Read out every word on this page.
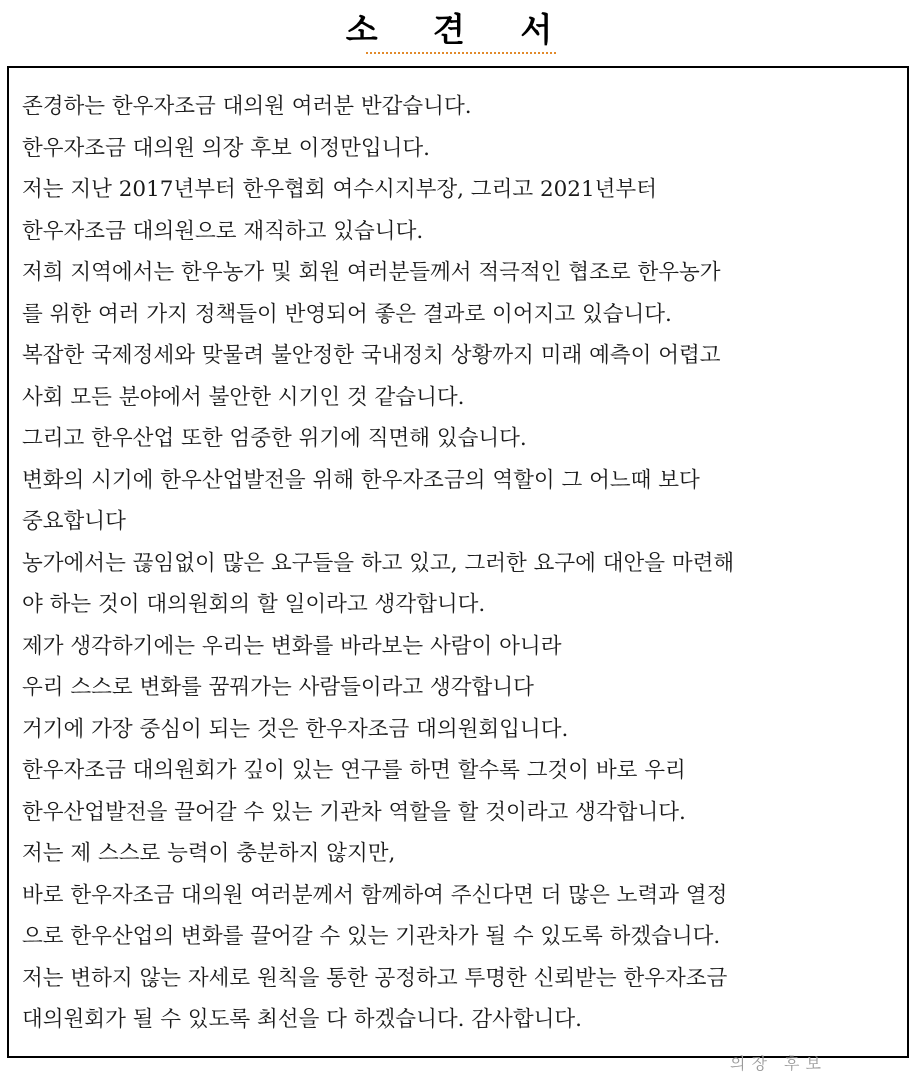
소 견 서
존경하는 한우자조금 대의원 여러분 반갑습니다.
한우자조금 대의원 의장 후보 이정만입니다.
저는 지난 2017년부터 한우협회 여수시지부장, 그리고 2021년부터
한우자조금 대의원으로 재직하고 있습니다.
저희 지역에서는 한우농가 및 회원 여러분들께서 적극적인 협조로 한우농가
를 위한 여러 가지 정책들이 반영되어 좋은 결과로 이어지고 있습니다.
복잡한 국제정세와 맞물려 불안정한 국내정치 상황까지 미래 예측이 어렵고
사회 모든 분야에서 불안한 시기인 것 같습니다.
그리고 한우산업 또한 엄중한 위기에 직면해 있습니다.
변화의 시기에 한우산업발전을 위해 한우자조금의 역할이 그 어느때 보다
중요합니다
농가에서는 끊임없이 많은 요구들을 하고 있고, 그러한 요구에 대안을 마련해
야 하는 것이 대의원회의 할 일이라고 생각합니다.
제가 생각하기에는 우리는 변화를 바라보는 사람이 아니라
우리 스스로 변화를 꿈꿔가는 사람들이라고 생각합니다
거기에 가장 중심이 되는 것은 한우자조금 대의원회입니다.
한우자조금 대의원회가 깊이 있는 연구를 하면 할수록 그것이 바로 우리
한우산업발전을 끌어갈 수 있는 기관차 역할을 할 것이라고 생각합니다.
저는 제 스스로 능력이 충분하지 않지만,
바로 한우자조금 대의원 여러분께서 함께하여 주신다면 더 많은 노력과 열정
으로 한우산업의 변화를 끌어갈 수 있는 기관차가 될 수 있도록 하겠습니다.
저는 변하지 않는 자세로 원칙을 통한 공정하고 투명한 신뢰받는 한우자조금
대의원회가 될 수 있도록 최선을 다 하겠습니다. 감사합니다.
의장 후보
